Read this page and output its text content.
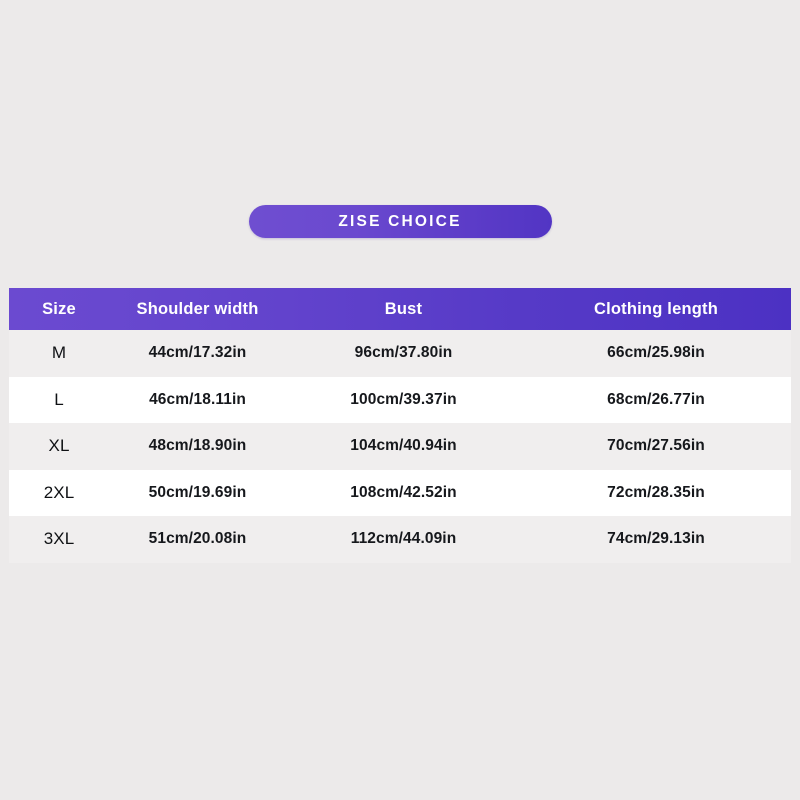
ZISE CHOICE
Size	Shoulder width	Bust	Clothing length
M	44cm/17.32in	96cm/37.80in	66cm/25.98in
L	46cm/18.11in	100cm/39.37in	68cm/26.77in
XL	48cm/18.90in	104cm/40.94in	70cm/27.56in
2XL	50cm/19.69in	108cm/42.52in	72cm/28.35in
3XL	51cm/20.08in	112cm/44.09in	74cm/29.13in
